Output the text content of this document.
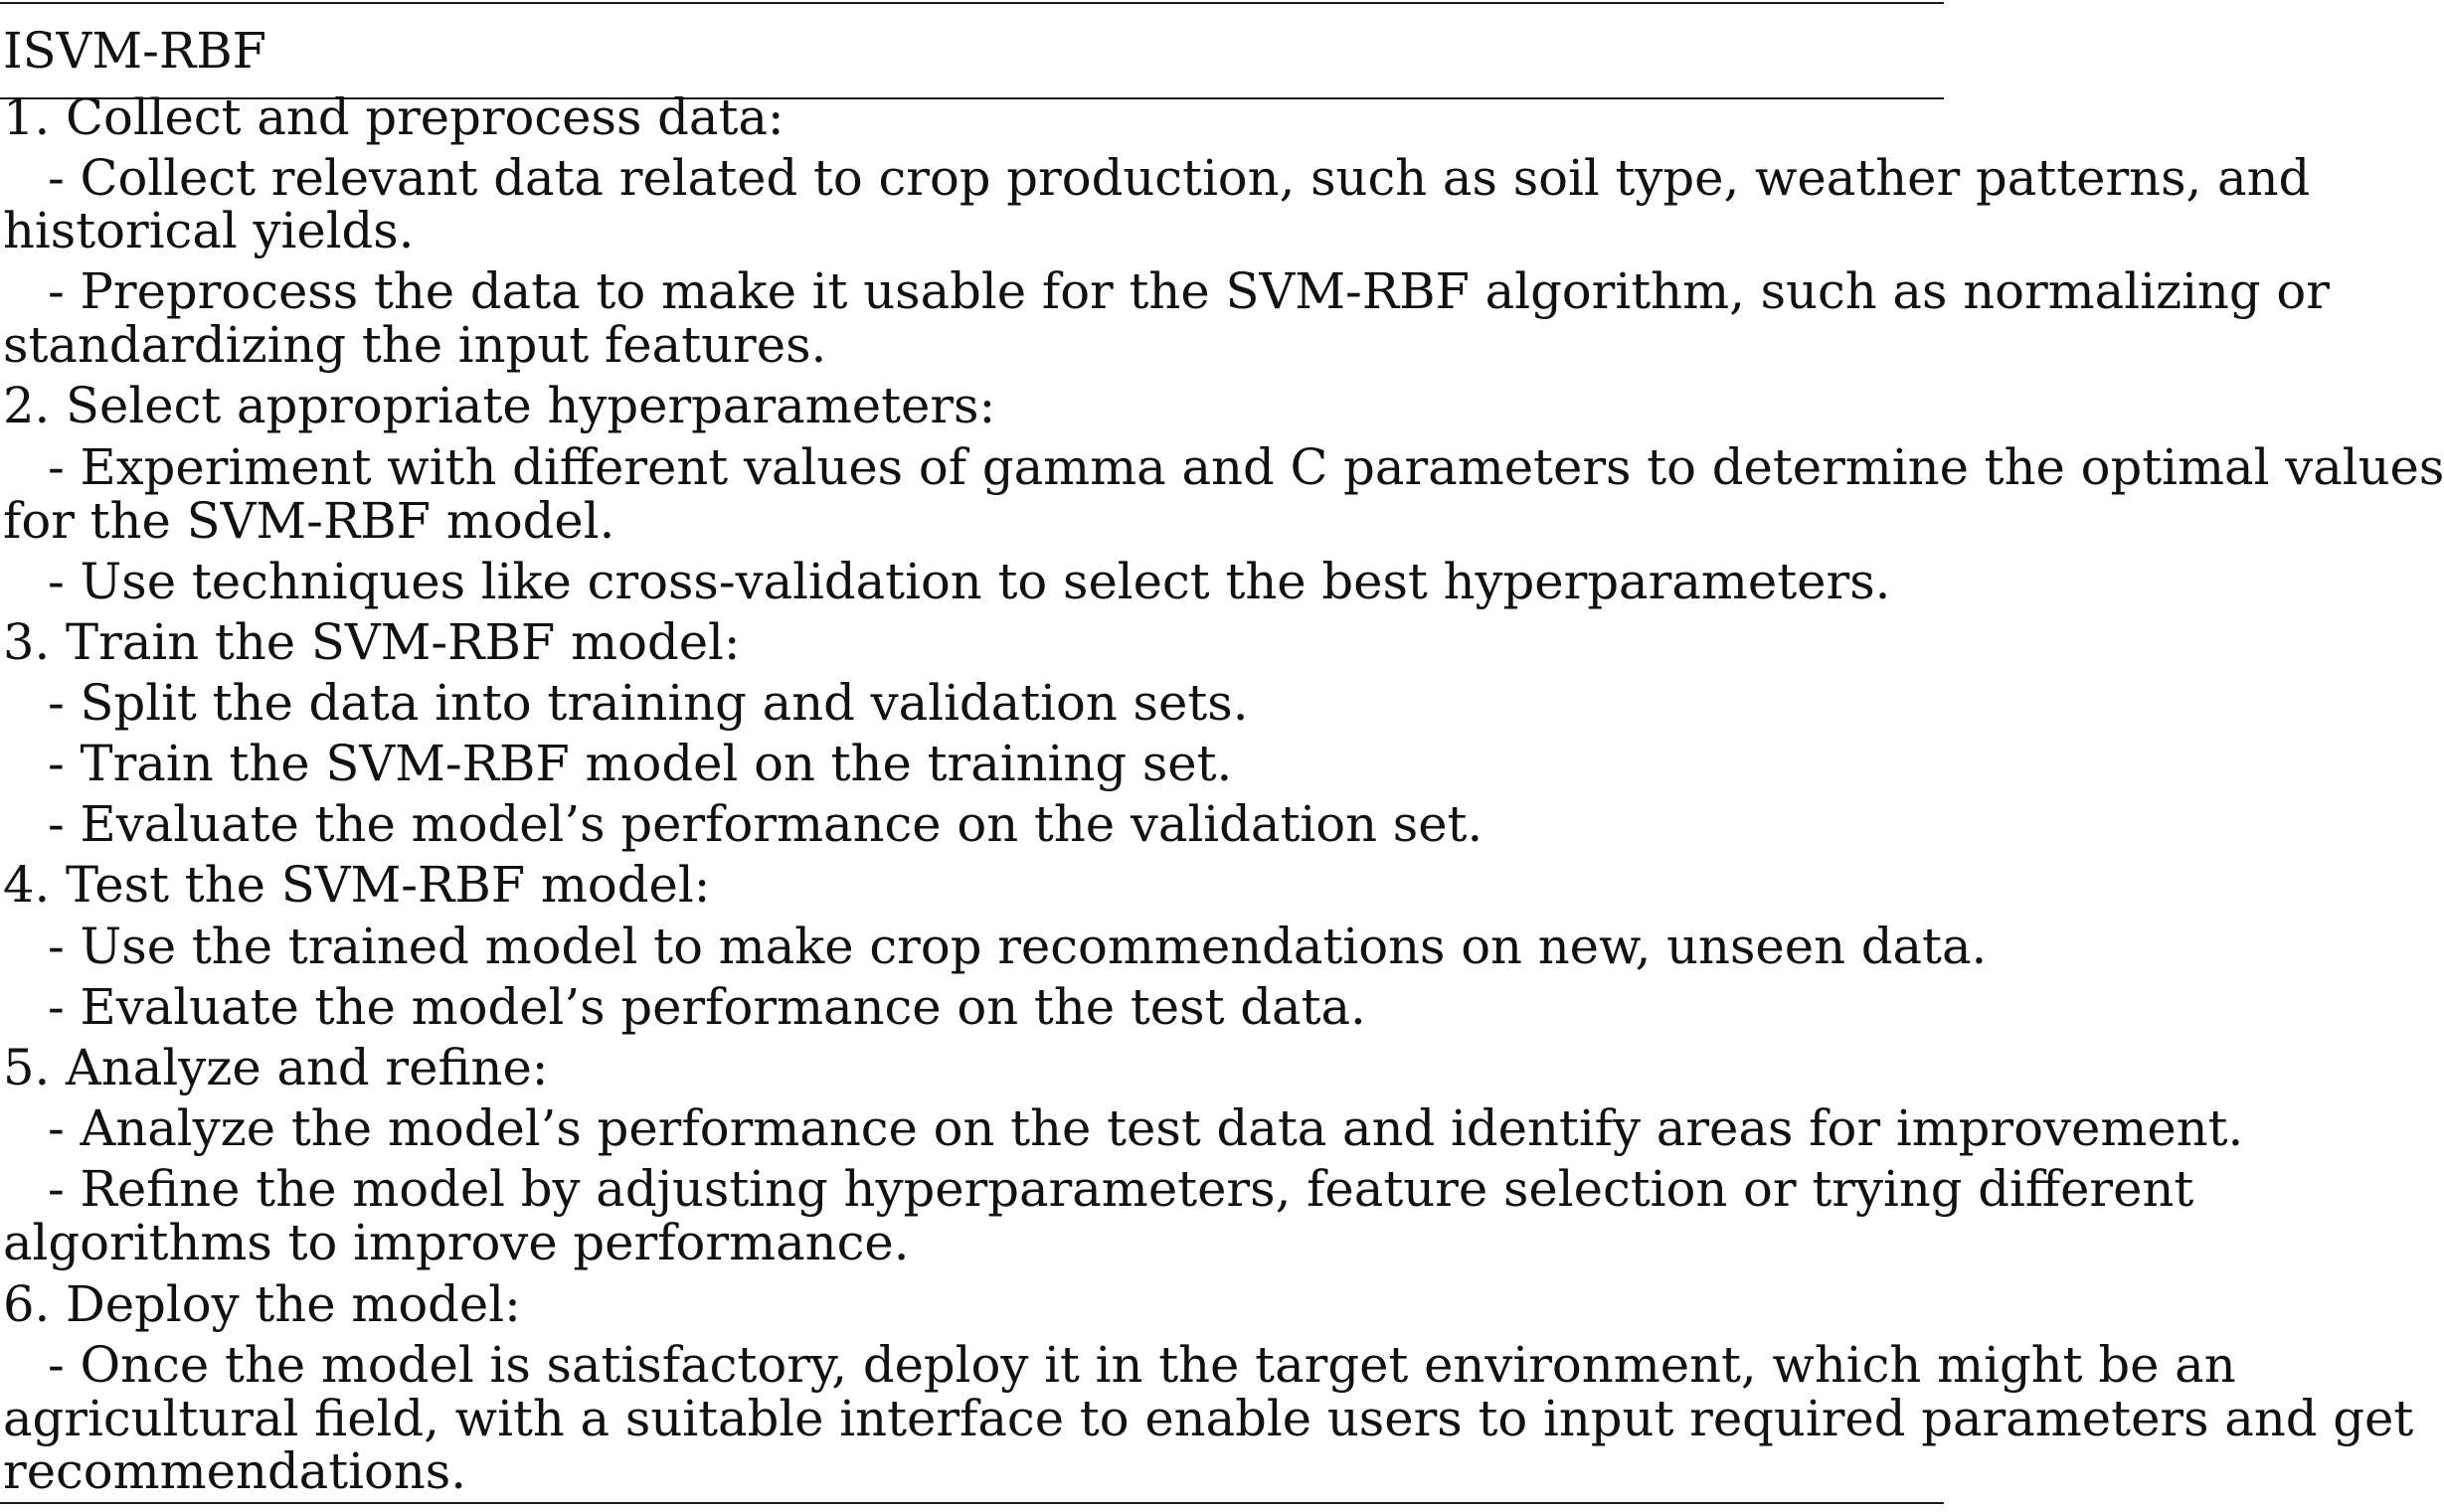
ISVM-RBF
1. Collect and preprocess data:
- Collect relevant data related to crop production, such as soil type, weather patterns, and
historical yields.
- Preprocess the data to make it usable for the SVM-RBF algorithm, such as normalizing or
standardizing the input features.
2. Select appropriate hyperparameters:
- Experiment with different values of gamma and C parameters to determine the optimal values
for the SVM-RBF model.
- Use techniques like cross-validation to select the best hyperparameters.
3. Train the SVM-RBF model:
- Split the data into training and validation sets.
- Train the SVM-RBF model on the training set.
- Evaluate the model’s performance on the validation set.
4. Test the SVM-RBF model:
- Use the trained model to make crop recommendations on new, unseen data.
- Evaluate the model’s performance on the test data.
5. Analyze and refine:
- Analyze the model’s performance on the test data and identify areas for improvement.
- Refine the model by adjusting hyperparameters, feature selection or trying different
algorithms to improve performance.
6. Deploy the model:
- Once the model is satisfactory, deploy it in the target environment, which might be an
agricultural field, with a suitable interface to enable users to input required parameters and get
recommendations.
